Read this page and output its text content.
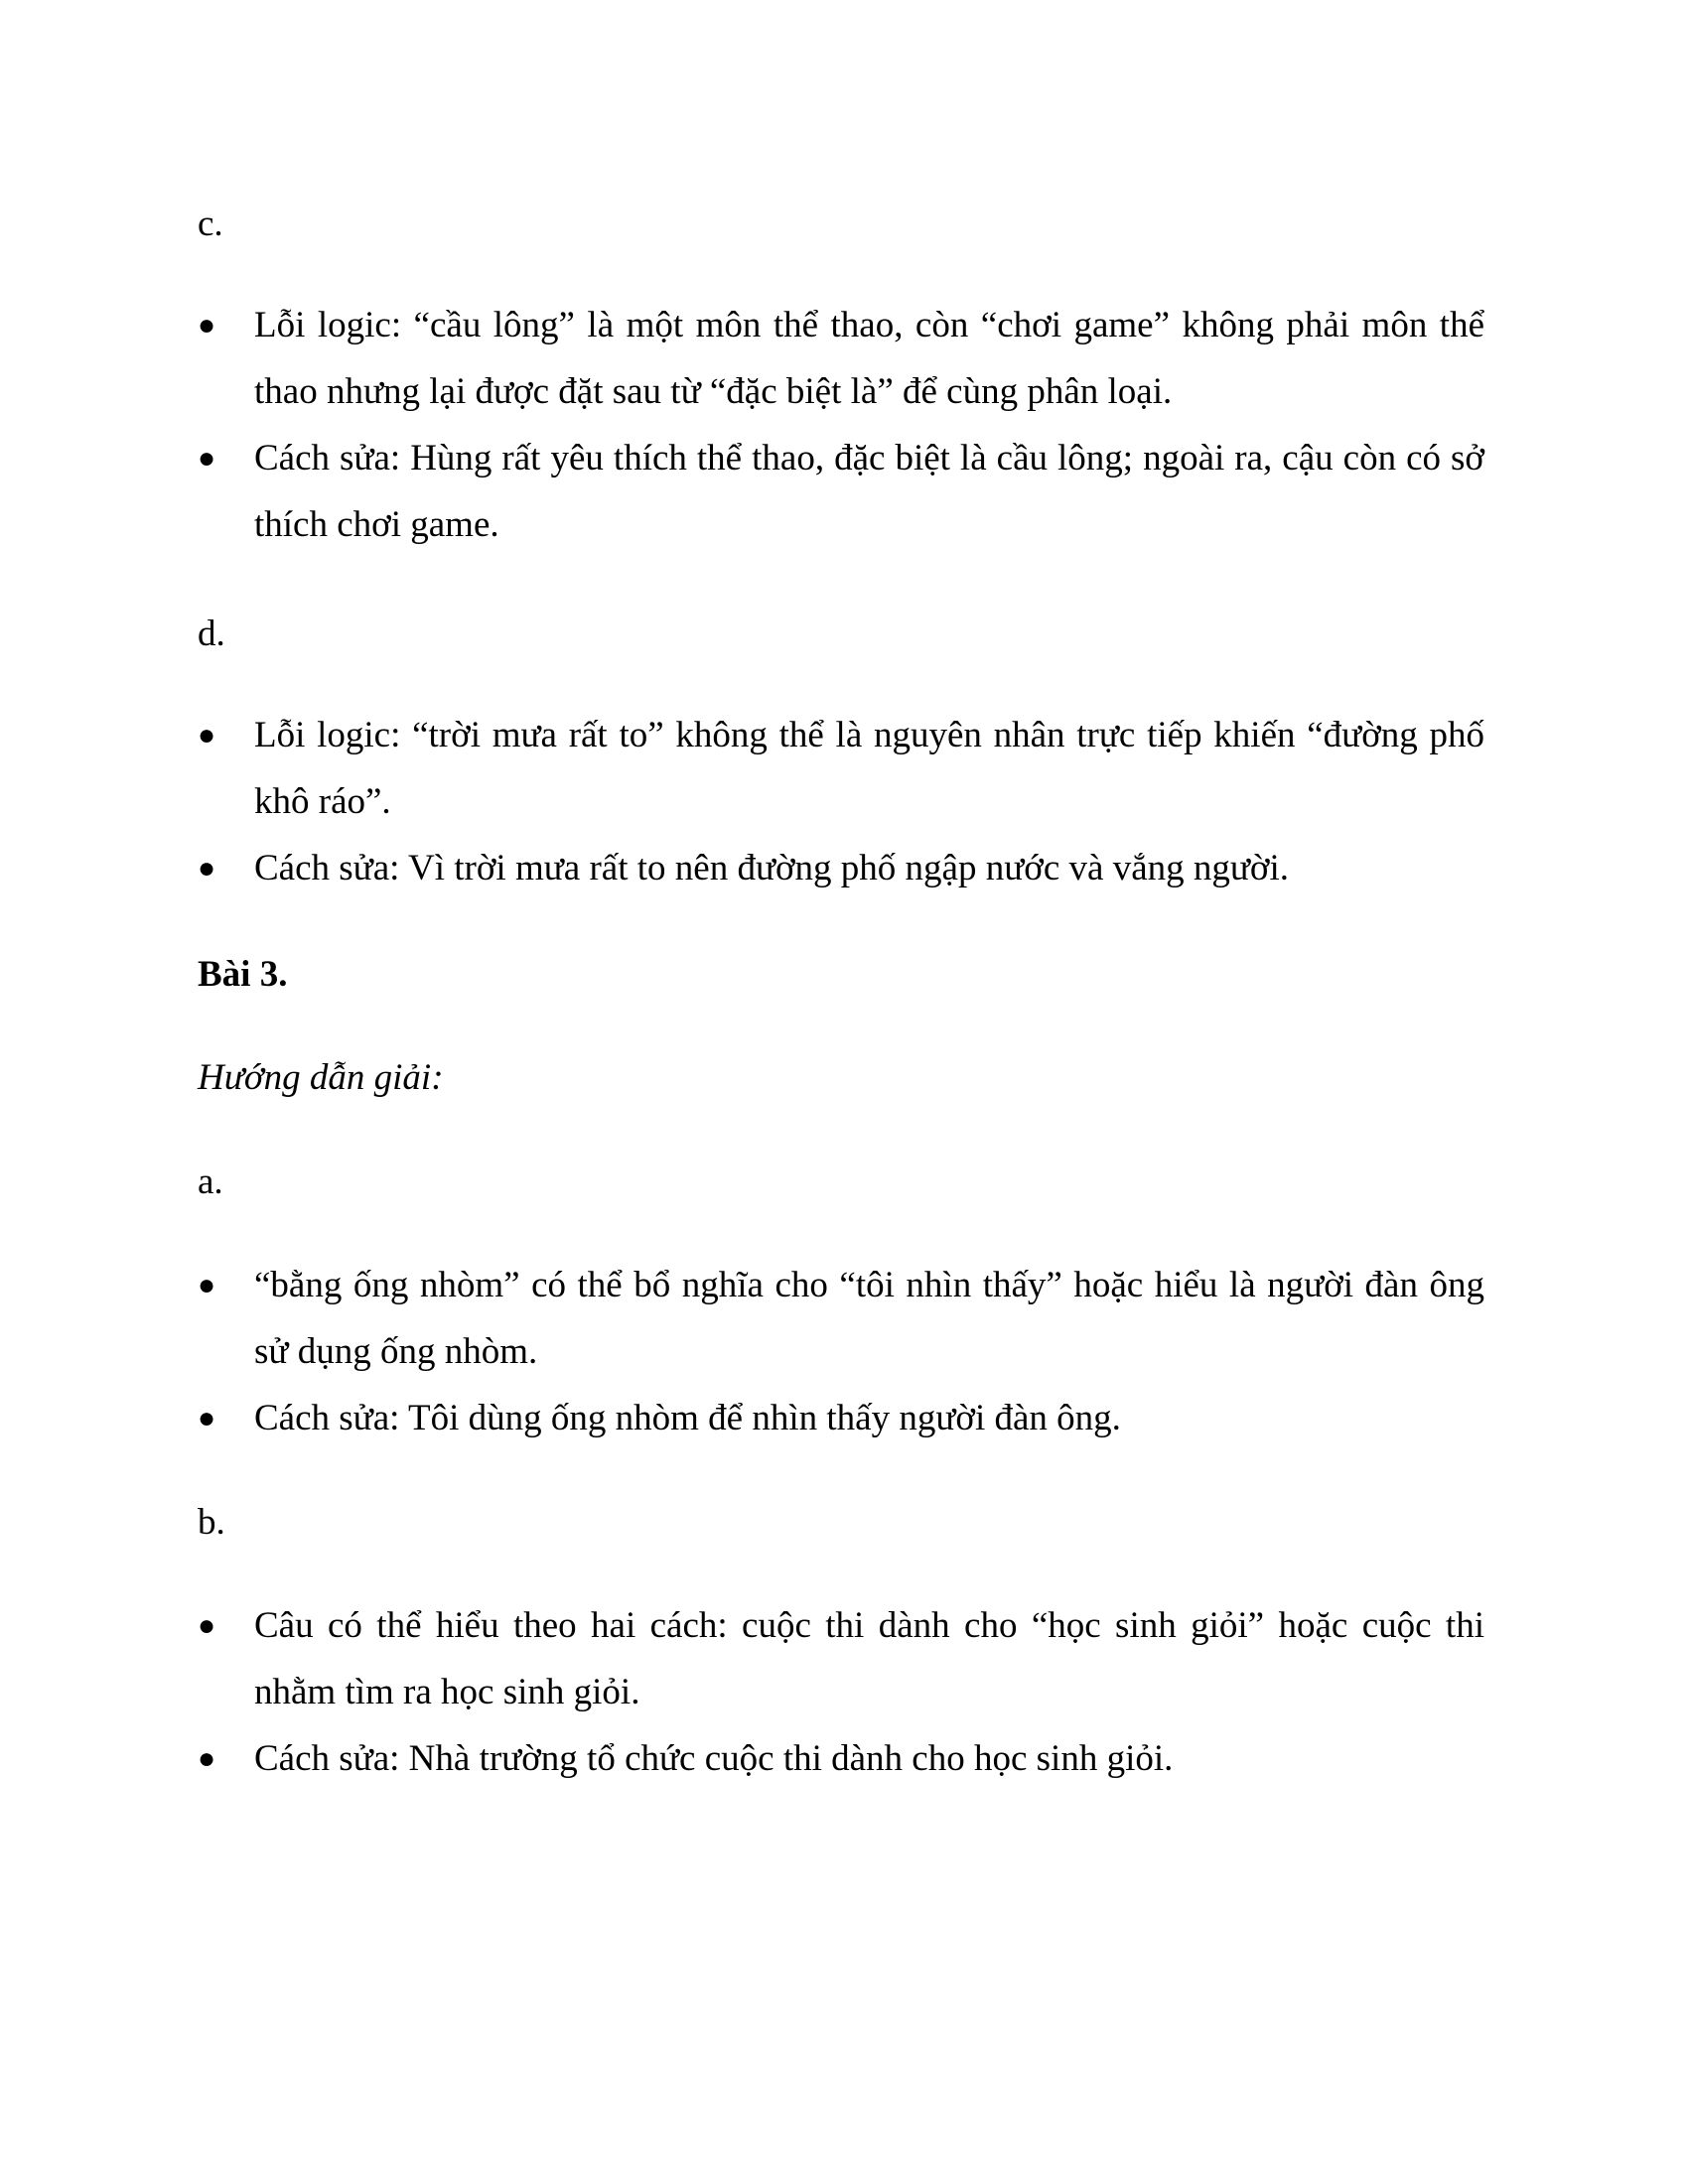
c.

●	Lỗi logic: “cầu lông” là một môn thể thao, còn “chơi game” không phải môn thể thao nhưng lại được đặt sau từ “đặc biệt là” để cùng phân loại.
●	Cách sửa: Hùng rất yêu thích thể thao, đặc biệt là cầu lông; ngoài ra, cậu còn có sở thích chơi game.

d.

●	Lỗi logic: “trời mưa rất to” không thể là nguyên nhân trực tiếp khiến “đường phố khô ráo”.
●	Cách sửa: Vì trời mưa rất to nên đường phố ngập nước và vắng người.

Bài 3.

Hướng dẫn giải:

a.

●	“bằng ống nhòm” có thể bổ nghĩa cho “tôi nhìn thấy” hoặc hiểu là người đàn ông sử dụng ống nhòm.
●	Cách sửa: Tôi dùng ống nhòm để nhìn thấy người đàn ông.

b.

●	Câu có thể hiểu theo hai cách: cuộc thi dành cho “học sinh giỏi” hoặc cuộc thi nhằm tìm ra học sinh giỏi.
●	Cách sửa: Nhà trường tổ chức cuộc thi dành cho học sinh giỏi.
